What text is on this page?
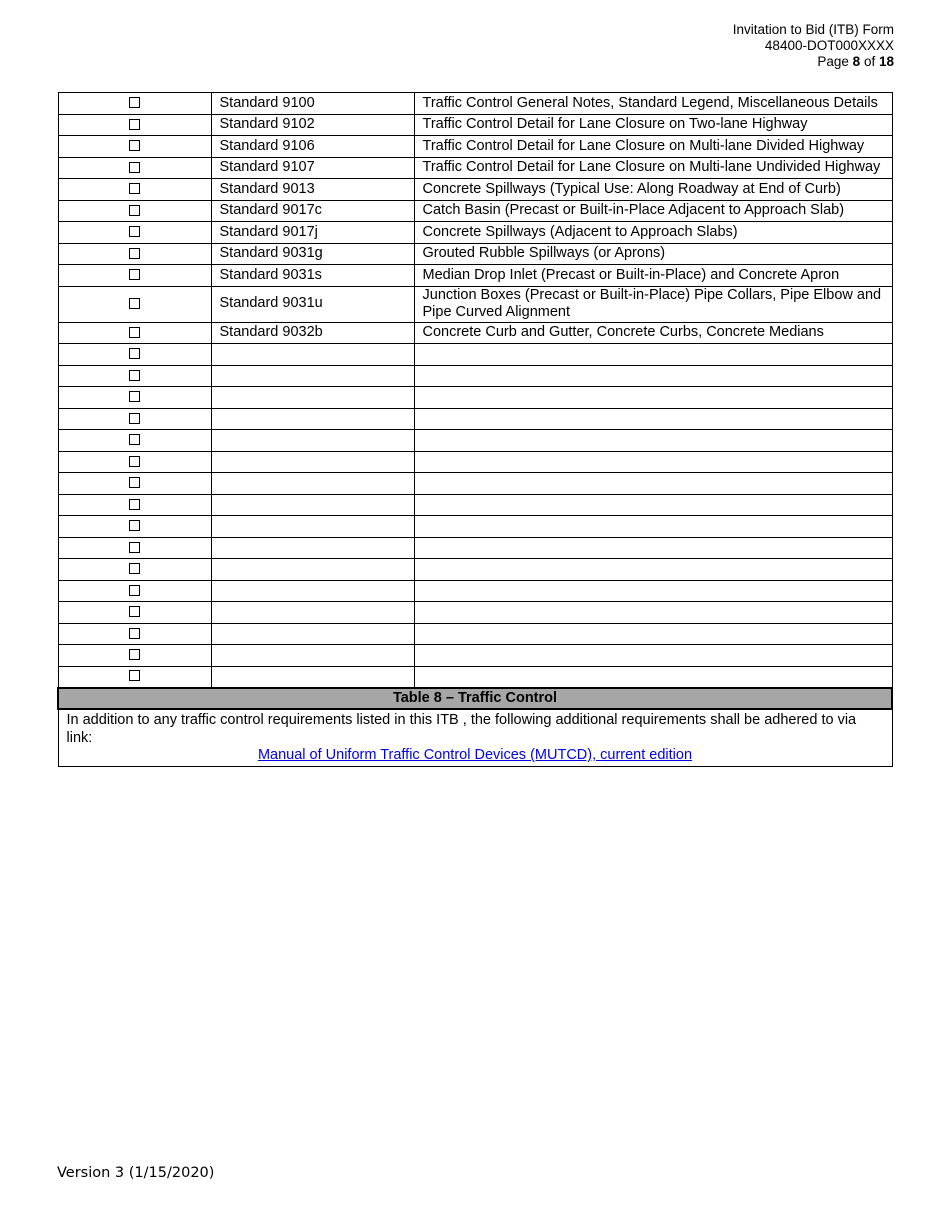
Invitation to Bid (ITB) Form
48400-DOT000XXXX
Page 8 of 18
	Standard 9100	Traffic Control General Notes, Standard Legend, Miscellaneous Details
	Standard 9102	Traffic Control Detail for Lane Closure on Two-lane Highway
	Standard 9106	Traffic Control Detail for Lane Closure on Multi-lane Divided Highway
	Standard 9107	Traffic Control Detail for Lane Closure on Multi-lane Undivided Highway
	Standard 9013	Concrete Spillways (Typical Use: Along Roadway at End of Curb)
	Standard 9017c	Catch Basin (Precast or Built-in-Place Adjacent to Approach Slab)
	Standard 9017j	Concrete Spillways (Adjacent to Approach Slabs)
	Standard 9031g	Grouted Rubble Spillways (or Aprons)
	Standard 9031s	Median Drop Inlet (Precast or Built-in-Place) and Concrete Apron
	Standard 9031u	Junction Boxes (Precast or Built-in-Place) Pipe Collars, Pipe Elbow and Pipe Curved Alignment
	Standard 9032b	Concrete Curb and Gutter, Concrete Curbs, Concrete Medians

Table 8 – Traffic Control		

In addition to any traffic control requirements listed in this ITB , the following additional requirements shall be adhered to via link:
Manual of Uniform Traffic Control Devices (MUTCD), current edition		
Version 3 (1/15/2020)
